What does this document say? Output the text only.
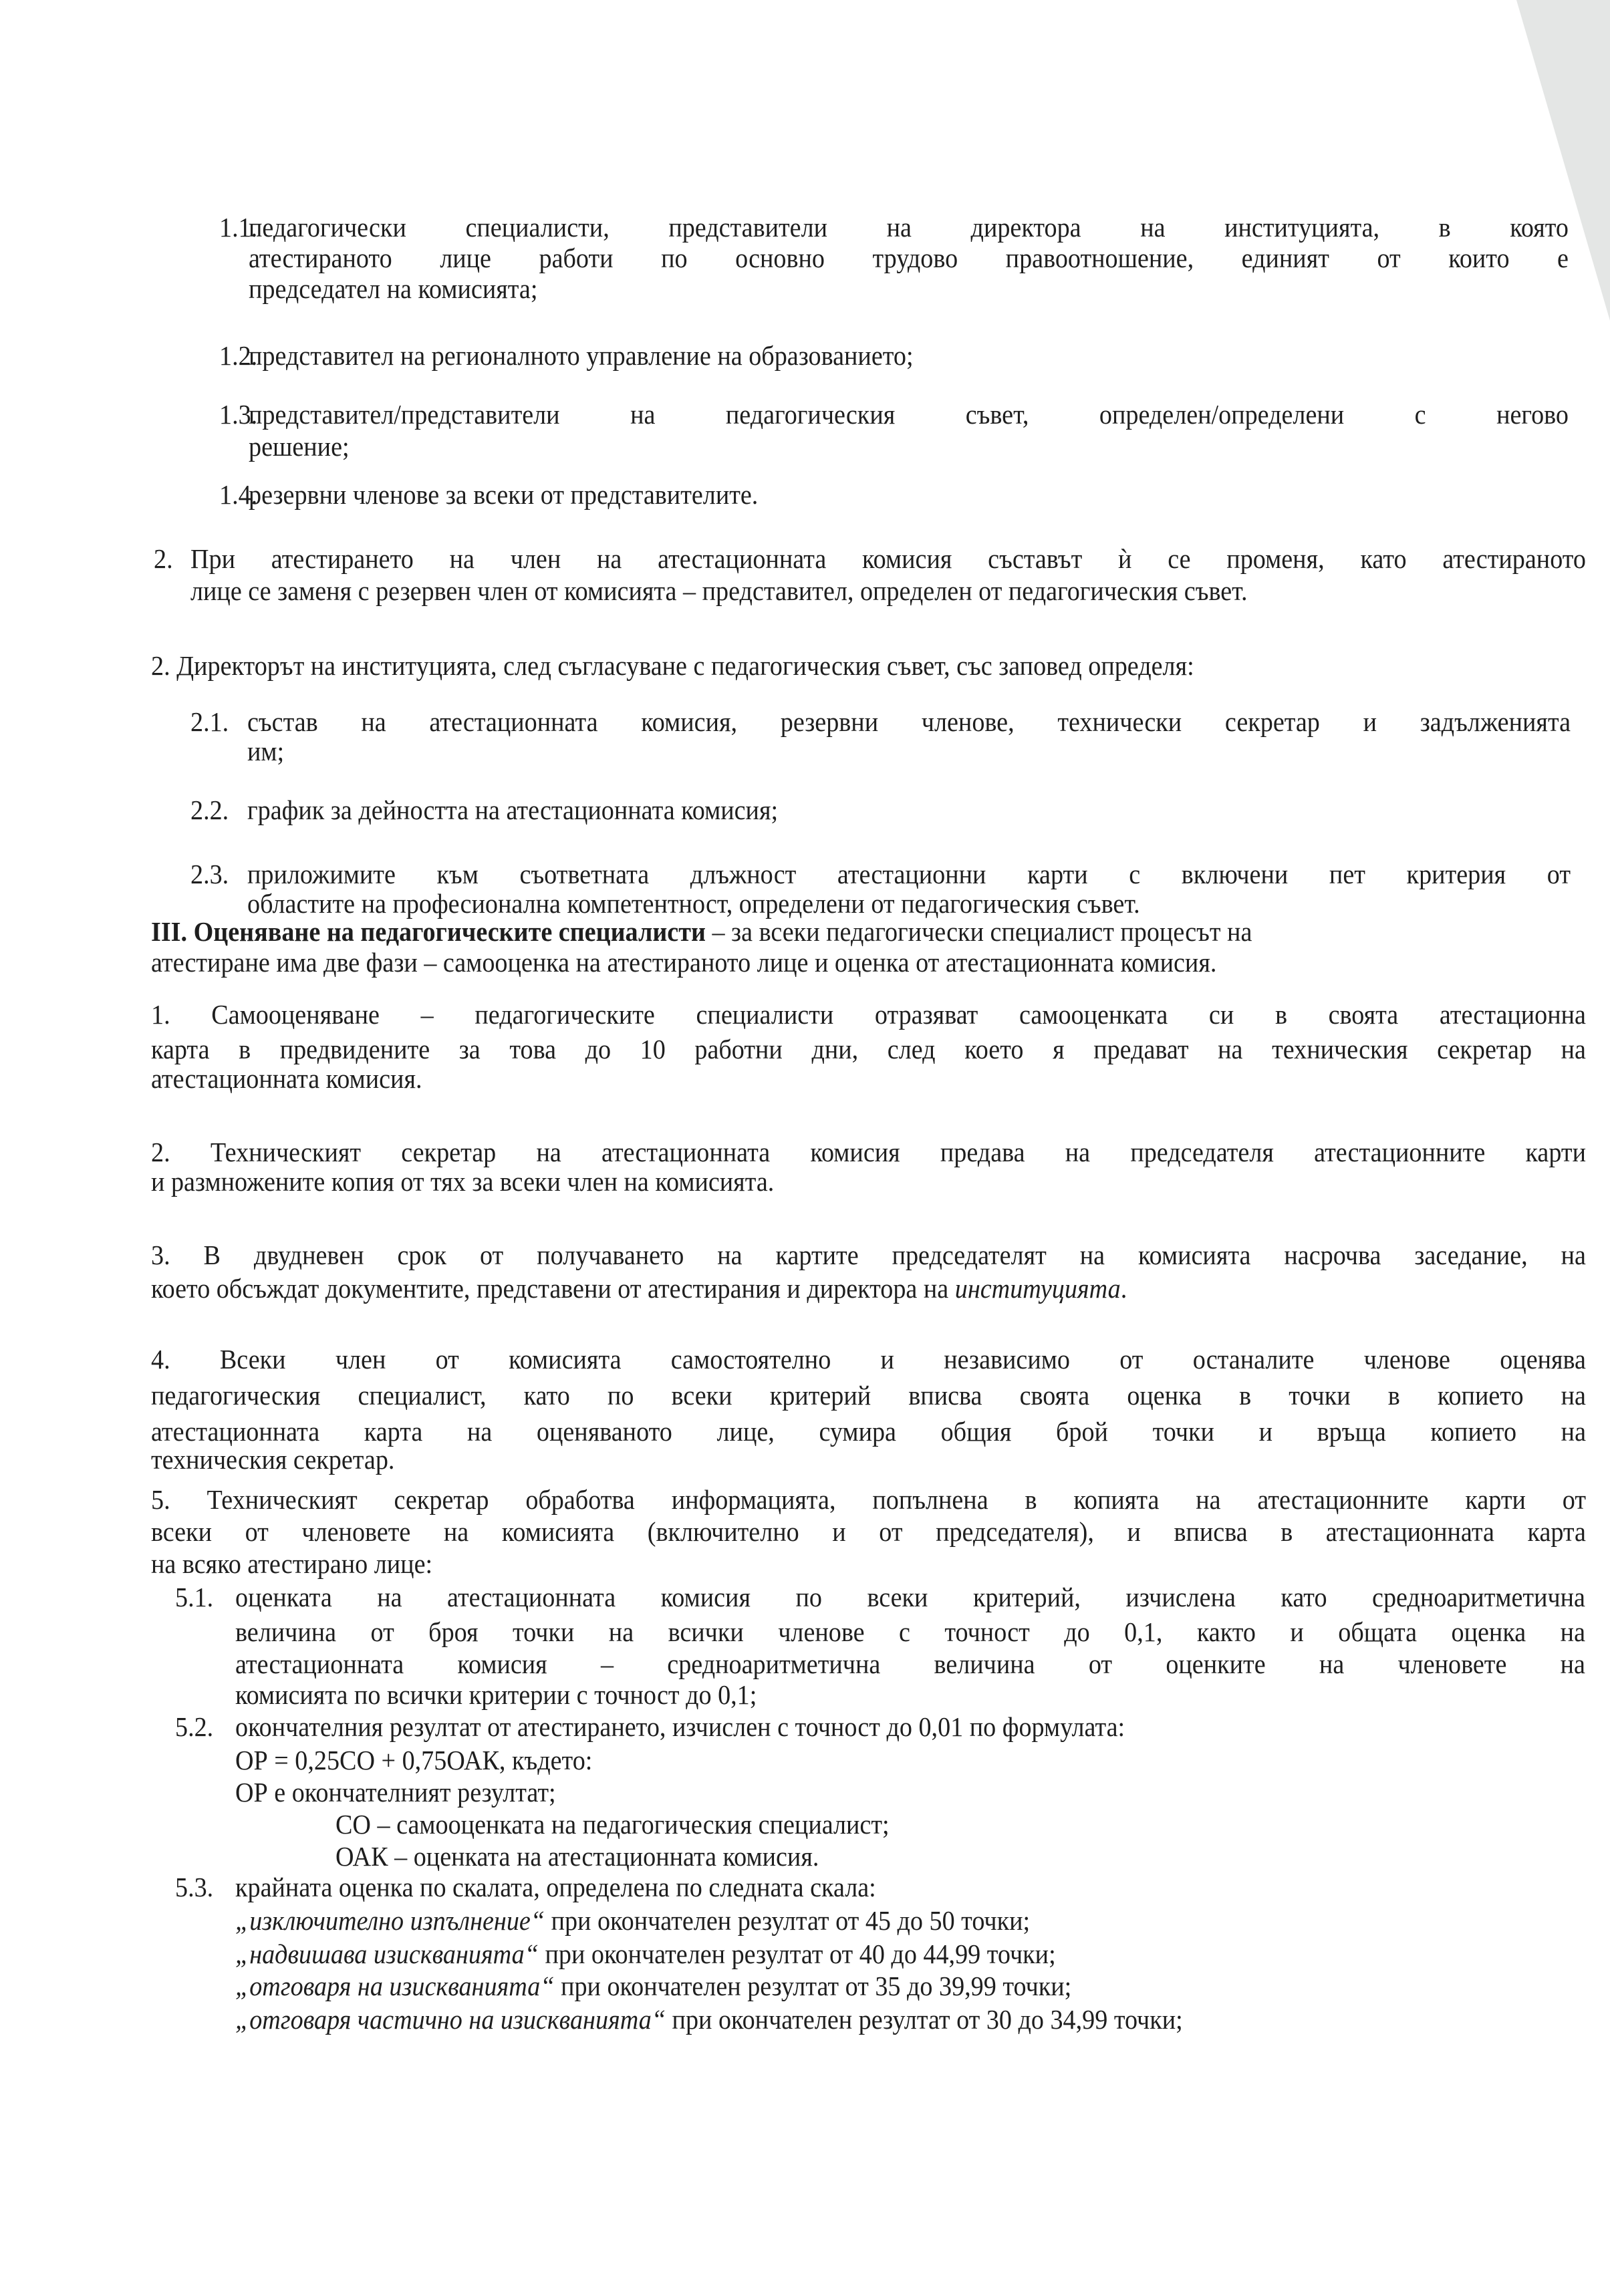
1.1.
педагогически специалисти, представители на директора на институцията, в която
атестираното лице работи по основно трудово правоотношение, единият от които е
председател на комисията;
1.2.
представител на регионалното управление на образованието;
1.3.
представител/представители на педагогическия съвет, определен/определени с негово
решение;
1.4.
резервни членове за всеки от представителите.
2. При атестирането на член на атестационната комисия съставът ѝ се променя, като атестираното
лице се заменя с резервен член от комисията – представител, определен от педагогическия съвет.
2. Директорът на институцията, след съгласуване с педагогическия съвет, със заповед определя:
2.1. състав на атестационната комисия, резервни членове, технически секретар и задълженията
им;
2.2. график за дейността на атестационната комисия;
2.3. приложимите към съответната длъжност атестационни карти с включени пет критерия от
областите на професионална компетентност, определени от педагогическия съвет.
III. Оценяване на педагогическите специалисти – за всеки педагогически специалист процесът на
атестиране има две фази – самооценка на атестираното лице и оценка от атестационната комисия.
1. Самооценяване – педагогическите специалисти отразяват самооценката си в своята атестационна
карта в предвидените за това до 10 работни дни, след което я предават на техническия секретар на
атестационната комисия.
2. Техническият секретар на атестационната комисия предава на председателя атестационните карти
и размножените копия от тях за всеки член на комисията.
3. В двудневен срок от получаването на картите председателят на комисията насрочва заседание, на
което обсъждат документите, представени от атестирания и директора на институцията.
4. Всеки член от комисията самостоятелно и независимо от останалите членове оценява
педагогическия специалист, като по всеки критерий вписва своята оценка в точки в копието на
атестационната карта на оценяваното лице, сумира общия брой точки и връща копието на
техническия секретар.
5. Техническият секретар обработва информацията, попълнена в копията на атестационните карти от
всеки от членовете на комисията (включително и от председателя), и вписва в атестационната карта
на всяко атестирано лице:
5.1. оценката на атестационната комисия по всеки критерий, изчислена като средноаритметична
величина от броя точки на всички членове с точност до 0,1, както и общата оценка на
атестационната комисия – средноаритметична величина от оценките на членовете на
комисията по всички критерии с точност до 0,1;
5.2. окончателния резултат от атестирането, изчислен с точност до 0,01 по формулата:
ОР = 0,25СО + 0,75ОАК, където:
ОР е окончателният резултат;
СО – самооценката на педагогическия специалист;
ОАК – оценката на атестационната комисия.
5.3. крайната оценка по скалата, определена по следната скала:
„изключително изпълнение“ при окончателен резултат от 45 до 50 точки;
„надвишава изискванията“ при окончателен резултат от 40 до 44,99 точки;
„отговаря на изискванията“ при окончателен резултат от 35 до 39,99 точки;
„отговаря частично на изискванията“ при окончателен резултат от 30 до 34,99 точки;
